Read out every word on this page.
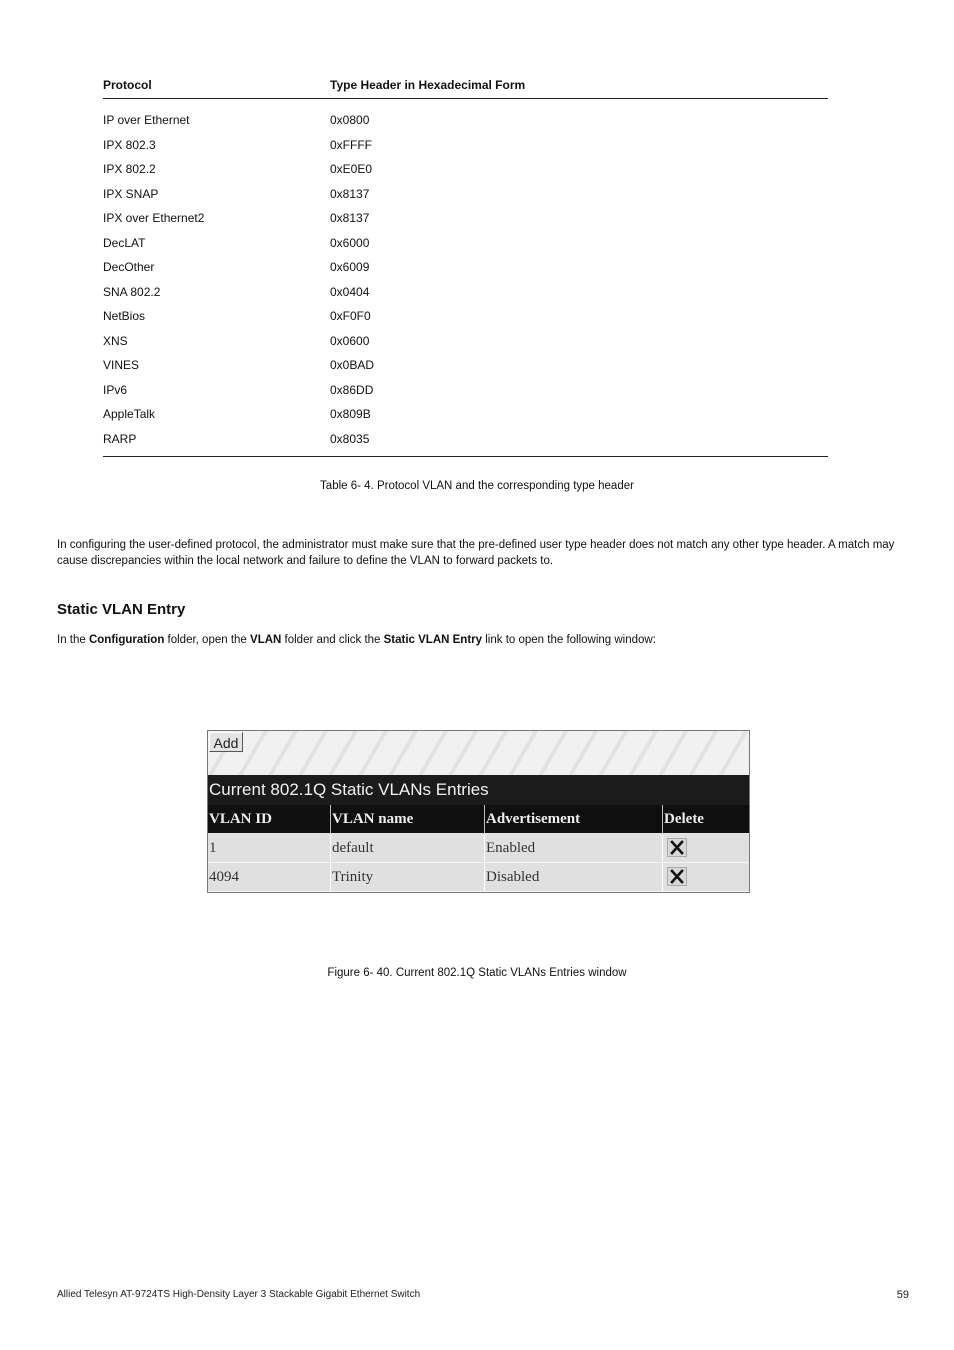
Protocol	Type Header in Hexadecimal Form
IP over Ethernet	0x0800
IPX 802.3	0xFFFF
IPX 802.2	0xE0E0
IPX SNAP	0x8137
IPX over Ethernet2	0x8137
DecLAT	0x6000
DecOther	0x6009
SNA 802.2	0x0404
NetBios	0xF0F0
XNS	0x0600
VINES	0x0BAD
IPv6	0x86DD
AppleTalk	0x809B
RARP	0x8035
Table 6- 4. Protocol VLAN and the corresponding type header
In configuring the user-defined protocol, the administrator must make sure that the pre-defined user type header does not match any other type header. A match may cause discrepancies within the local network and failure to define the VLAN to forward packets to.
Static VLAN Entry
In the Configuration folder, open the VLAN folder and click the Static VLAN Entry link to open the following window:
Add
Current 802.1Q Static VLANs Entries
VLAN ID	VLAN name	Advertisement	Delete
1	default	Enabled
4094	Trinity	Disabled
Figure 6- 40. Current 802.1Q Static VLANs Entries window
Allied Telesyn AT-9724TS High-Density Layer 3 Stackable Gigabit Ethernet Switch	59
